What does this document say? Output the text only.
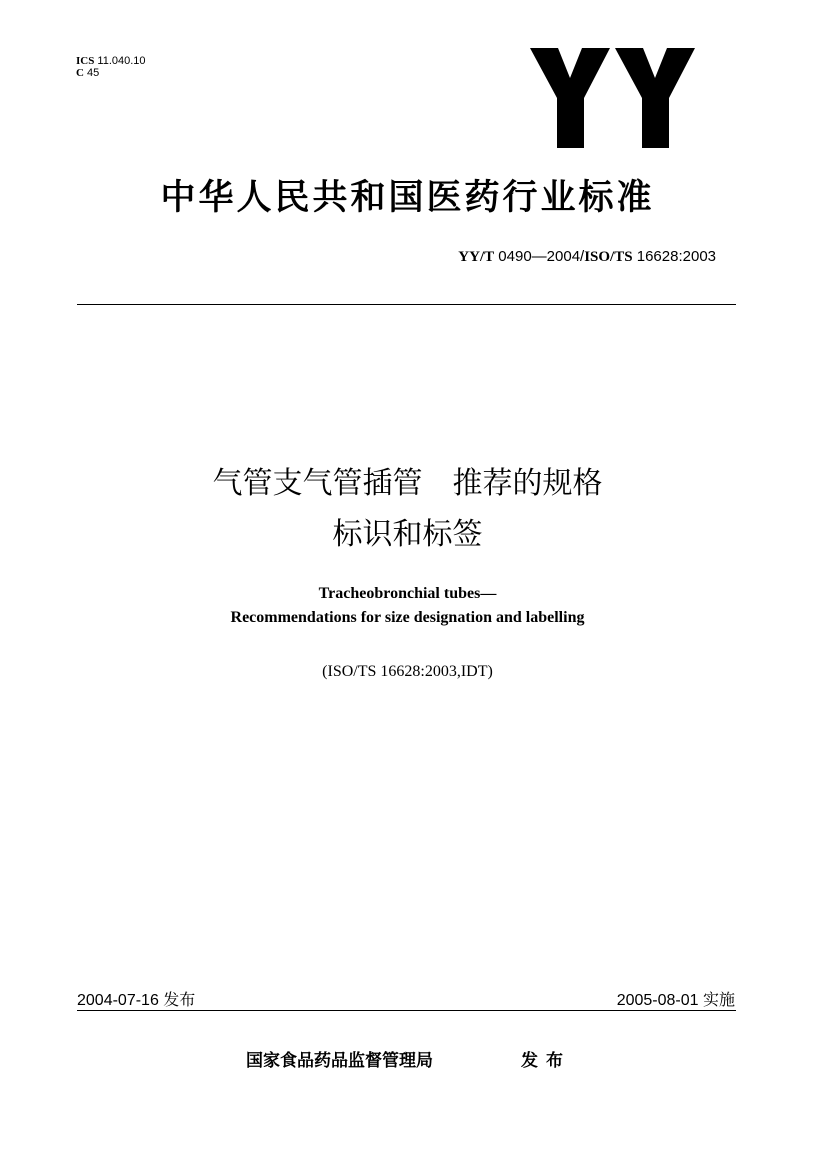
ICS 11.040.10
C 45
中华人民共和国医药行业标准
YY/T 0490—2004/ISO/TS 16628:2003
气管支气管插管　推荐的规格
标识和标签
Tracheobronchial tubes—
Recommendations for size designation and labelling
(ISO/TS 16628:2003,IDT)
2004-07-16 发布	2005-08-01 实施
国家食品药品监督管理局	发布
